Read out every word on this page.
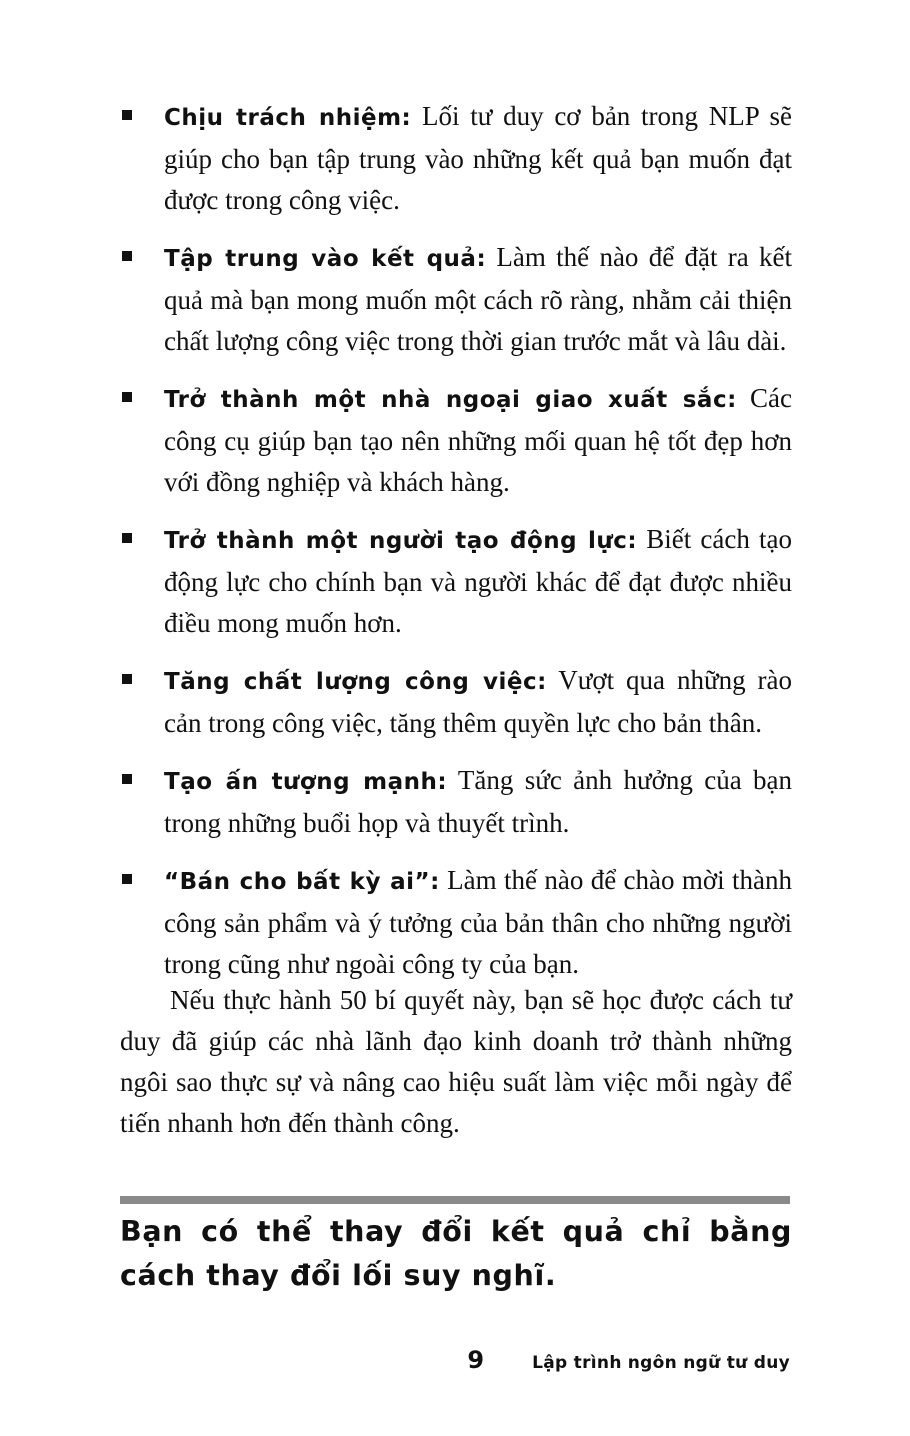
Chịu trách nhiệm: Lối tư duy cơ bản trong NLP sẽ giúp cho bạn tập trung vào những kết quả bạn muốn đạt được trong công việc.
Tập trung vào kết quả: Làm thế nào để đặt ra kết quả mà bạn mong muốn một cách rõ ràng, nhằm cải thiện chất lượng công việc trong thời gian trước mắt và lâu dài.
Trở thành một nhà ngoại giao xuất sắc: Các công cụ giúp bạn tạo nên những mối quan hệ tốt đẹp hơn với đồng nghiệp và khách hàng.
Trở thành một người tạo động lực: Biết cách tạo động lực cho chính bạn và người khác để đạt được nhiều điều mong muốn hơn.
Tăng chất lượng công việc: Vượt qua những rào cản trong công việc, tăng thêm quyền lực cho bản thân.
Tạo ấn tượng mạnh: Tăng sức ảnh hưởng của bạn trong những buổi họp và thuyết trình.
“Bán cho bất kỳ ai”: Làm thế nào để chào mời thành công sản phẩm và ý tưởng của bản thân cho những người trong cũng như ngoài công ty của bạn.

Nếu thực hành 50 bí quyết này, bạn sẽ học được cách tư duy đã giúp các nhà lãnh đạo kinh doanh trở thành những ngôi sao thực sự và nâng cao hiệu suất làm việc mỗi ngày để tiến nhanh hơn đến thành công.

Bạn có thể thay đổi kết quả chỉ bằng cách thay đổi lối suy nghĩ.

9	Lập trình ngôn ngữ tư duy
